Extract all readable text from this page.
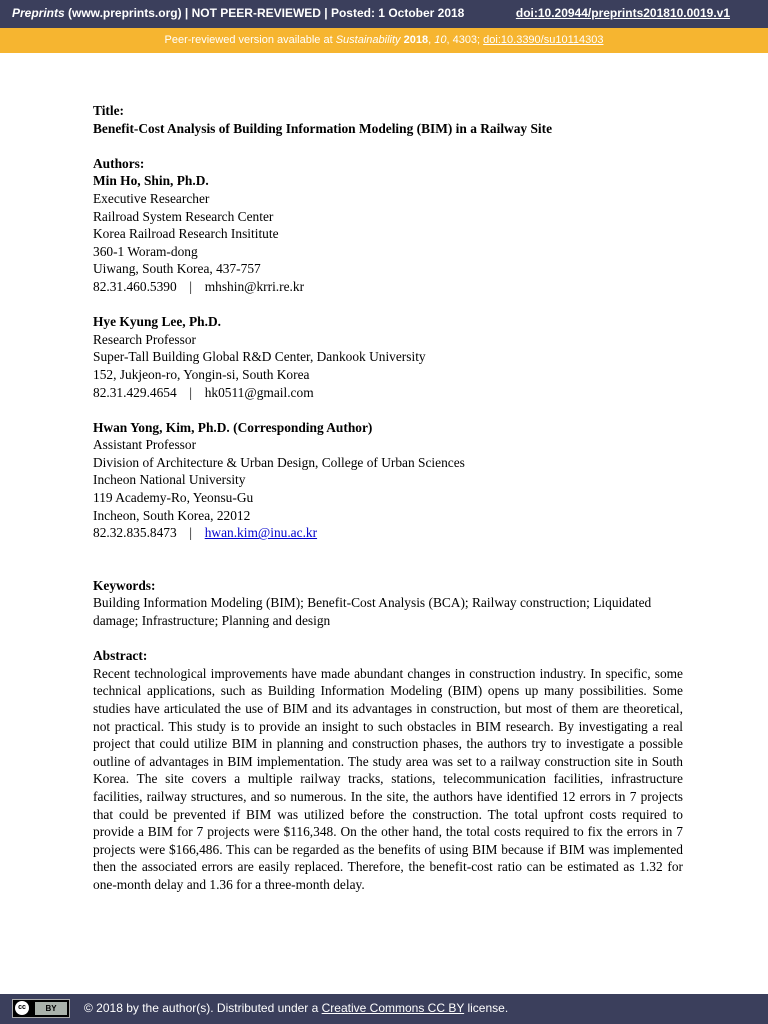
Preprints (www.preprints.org) | NOT PEER-REVIEWED | Posted: 1 October 2018	doi:10.20944/preprints201810.0019.v1
Peer-reviewed version available at Sustainability 2018, 10, 4303; doi:10.3390/su10114303

Title:

Benefit-Cost Analysis of Building Information Modeling (BIM) in a Railway Site

Authors:

Min Ho, Shin, Ph.D.

Executive Researcher

Railroad System Research Center

Korea Railroad Research Insititute

360-1 Woram-dong

Uiwang, South Korea, 437-757

82.31.460.5390 | mhshin@krri.re.kr

Hye Kyung Lee, Ph.D.

Research Professor

Super-Tall Building Global R&D Center, Dankook University

152, Jukjeon-ro, Yongin-si, South Korea

82.31.429.4654 | hk0511@gmail.com

Hwan Yong, Kim, Ph.D. (Corresponding Author)

Assistant Professor

Division of Architecture & Urban Design, College of Urban Sciences

Incheon National University

119 Academy-Ro, Yeonsu-Gu

Incheon, South Korea, 22012

82.32.835.8473 | hwan.kim@inu.ac.kr

Keywords:

Building Information Modeling (BIM); Benefit-Cost Analysis (BCA); Railway construction; Liquidated damage; Infrastructure; Planning and design

Abstract:

Recent technological improvements have made abundant changes in construction industry. In specific, some technical applications, such as Building Information Modeling (BIM) opens up many possibilities. Some studies have articulated the use of BIM and its advantages in construction, but most of them are theoretical, not practical. This study is to provide an insight to such obstacles in BIM research. By investigating a real project that could utilize BIM in planning and construction phases, the authors try to investigate a possible outline of advantages in BIM implementation. The study area was set to a railway construction site in South Korea. The site covers a multiple railway tracks, stations, telecommunication facilities, infrastructure facilities, railway structures, and so numerous. In the site, the authors have identified 12 errors in 7 projects that could be prevented if BIM was utilized before the construction. The total upfront costs required to provide a BIM for 7 projects were $116,348. On the other hand, the total costs required to fix the errors in 7 projects were $166,486. This can be regarded as the benefits of using BIM because if BIM was implemented then the associated errors are easily replaced. Therefore, the benefit-cost ratio can be estimated as 1.32 for one-month delay and 1.36 for a three-month delay.

cc	BY	© 2018 by the author(s). Distributed under a Creative Commons CC BY license.
